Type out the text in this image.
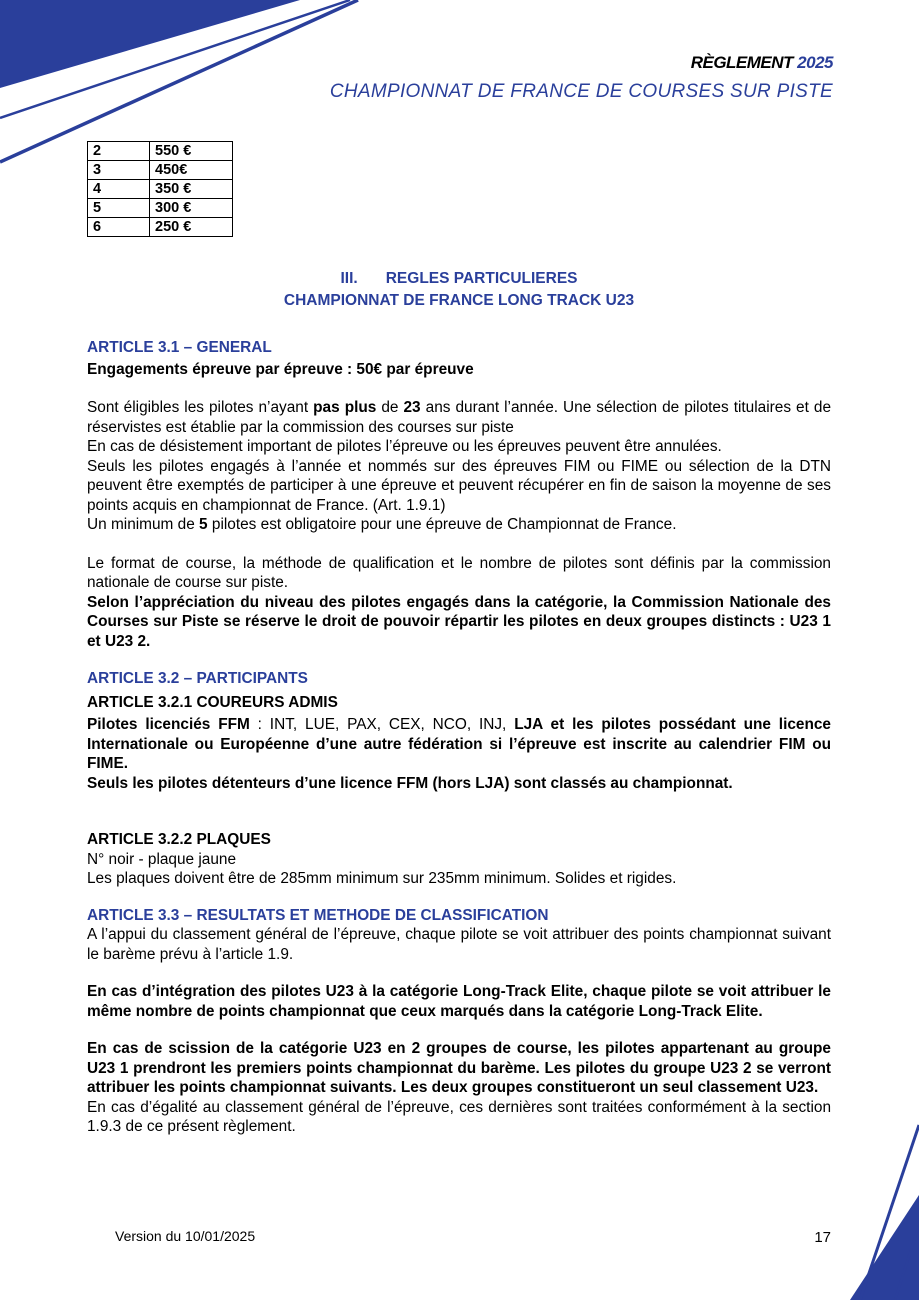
RÈGLEMENT 2025
CHAMPIONNAT DE FRANCE DE COURSES SUR PISTE
2	550 €
3	450€
4	350 €
5	300 €
6	250 €
III. REGLES PARTICULIERES
CHAMPIONNAT DE FRANCE LONG TRACK U23

ARTICLE 3.1 – GENERAL

Engagements épreuve par épreuve : 50€ par épreuve

Sont éligibles les pilotes n’ayant pas plus de 23 ans durant l’année. Une sélection de pilotes titulaires et de réservistes est établie par la commission des courses sur piste

En cas de désistement important de pilotes l’épreuve ou les épreuves peuvent être annulées.

Seuls les pilotes engagés à l’année et nommés sur des épreuves FIM ou FIME ou sélection de la DTN peuvent être exemptés de participer à une épreuve et peuvent récupérer en fin de saison la moyenne de ses points acquis en championnat de France. (Art. 1.9.1)

Un minimum de 5 pilotes est obligatoire pour une épreuve de Championnat de France.

Le format de course, la méthode de qualification et le nombre de pilotes sont définis par la commission nationale de course sur piste.

Selon l’appréciation du niveau des pilotes engagés dans la catégorie, la Commission Nationale des Courses sur Piste se réserve le droit de pouvoir répartir les pilotes en deux groupes distincts : U23 1 et U23 2.

ARTICLE 3.2 – PARTICIPANTS

ARTICLE 3.2.1 COUREURS ADMIS

Pilotes licenciés FFM : INT, LUE, PAX, CEX, NCO, INJ, LJA et les pilotes possédant une licence Internationale ou Européenne d’une autre fédération si l’épreuve est inscrite au calendrier FIM ou FIME.

Seuls les pilotes détenteurs d’une licence FFM (hors LJA) sont classés au championnat.

ARTICLE 3.2.2 PLAQUES

N° noir - plaque jaune

Les plaques doivent être de 285mm minimum sur 235mm minimum. Solides et rigides.

ARTICLE 3.3 – RESULTATS ET METHODE DE CLASSIFICATION

A l’appui du classement général de l’épreuve, chaque pilote se voit attribuer des points championnat suivant le barème prévu à l’article 1.9.

En cas d’intégration des pilotes U23 à la catégorie Long-Track Elite, chaque pilote se voit attribuer le même nombre de points championnat que ceux marqués dans la catégorie Long-Track Elite.

En cas de scission de la catégorie U23 en 2 groupes de course, les pilotes appartenant au groupe U23 1 prendront les premiers points championnat du barème. Les pilotes du groupe U23 2 se verront attribuer les points championnat suivants. Les deux groupes constitueront un seul classement U23.

En cas d’égalité au classement général de l’épreuve, ces dernières sont traitées conformément à la section 1.9.3 de ce présent règlement.

Version du 10/01/2025	17
